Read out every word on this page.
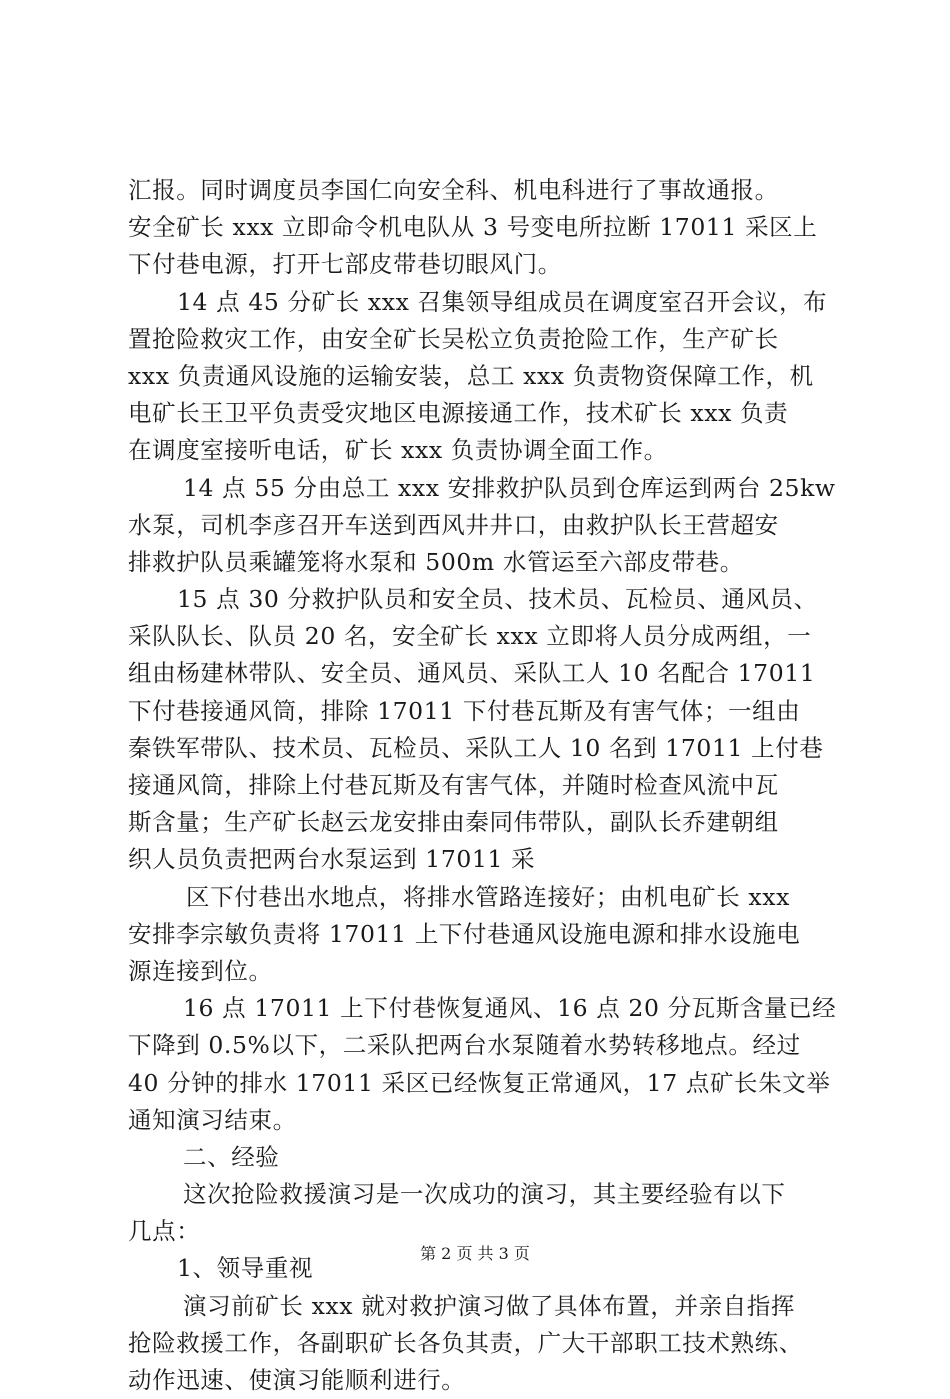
汇报。同时调度员李国仁向安全科、机电科进行了事故通报。
安全矿长 xxx 立即命令机电队从 3 号变电所拉断 17011 采区上
下付巷电源，打开七部皮带巷切眼风门。
14 点 45 分矿长 xxx 召集领导组成员在调度室召开会议，布
置抢险救灾工作，由安全矿长吴松立负责抢险工作，生产矿长
xxx 负责通风设施的运输安装，总工 xxx 负责物资保障工作，机
电矿长王卫平负责受灾地区电源接通工作，技术矿长 xxx 负责
在调度室接听电话，矿长 xxx 负责协调全面工作。
14 点 55 分由总工 xxx 安排救护队员到仓库运到两台 25kw
水泵，司机李彦召开车送到西风井井口，由救护队长王营超安
排救护队员乘罐笼将水泵和 500m 水管运至六部皮带巷。
15 点 30 分救护队员和安全员、技术员、瓦检员、通风员、
采队队长、队员 20 名，安全矿长 xxx 立即将人员分成两组，一
组由杨建林带队、安全员、通风员、采队工人 10 名配合 17011
下付巷接通风筒，排除 17011 下付巷瓦斯及有害气体；一组由
秦铁军带队、技术员、瓦检员、采队工人 10 名到 17011 上付巷
接通风筒，排除上付巷瓦斯及有害气体，并随时检查风流中瓦
斯含量；生产矿长赵云龙安排由秦同伟带队，副队长乔建朝组
织人员负责把两台水泵运到 17011 采
区下付巷出水地点，将排水管路连接好；由机电矿长 xxx
安排李宗敏负责将 17011 上下付巷通风设施电源和排水设施电
源连接到位。
16 点 17011 上下付巷恢复通风、16 点 20 分瓦斯含量已经
下降到 0.5%以下，二采队把两台水泵随着水势转移地点。经过
40 分钟的排水 17011 采区已经恢复正常通风，17 点矿长朱文举
通知演习结束。
二、经验
这次抢险救援演习是一次成功的演习，其主要经验有以下
几点：
1、领导重视
演习前矿长 xxx 就对救护演习做了具体布置，并亲自指挥
抢险救援工作，各副职矿长各负其责，广大干部职工技术熟练、
动作迅速、使演习能顺利进行。
第 2 页 共 3 页
